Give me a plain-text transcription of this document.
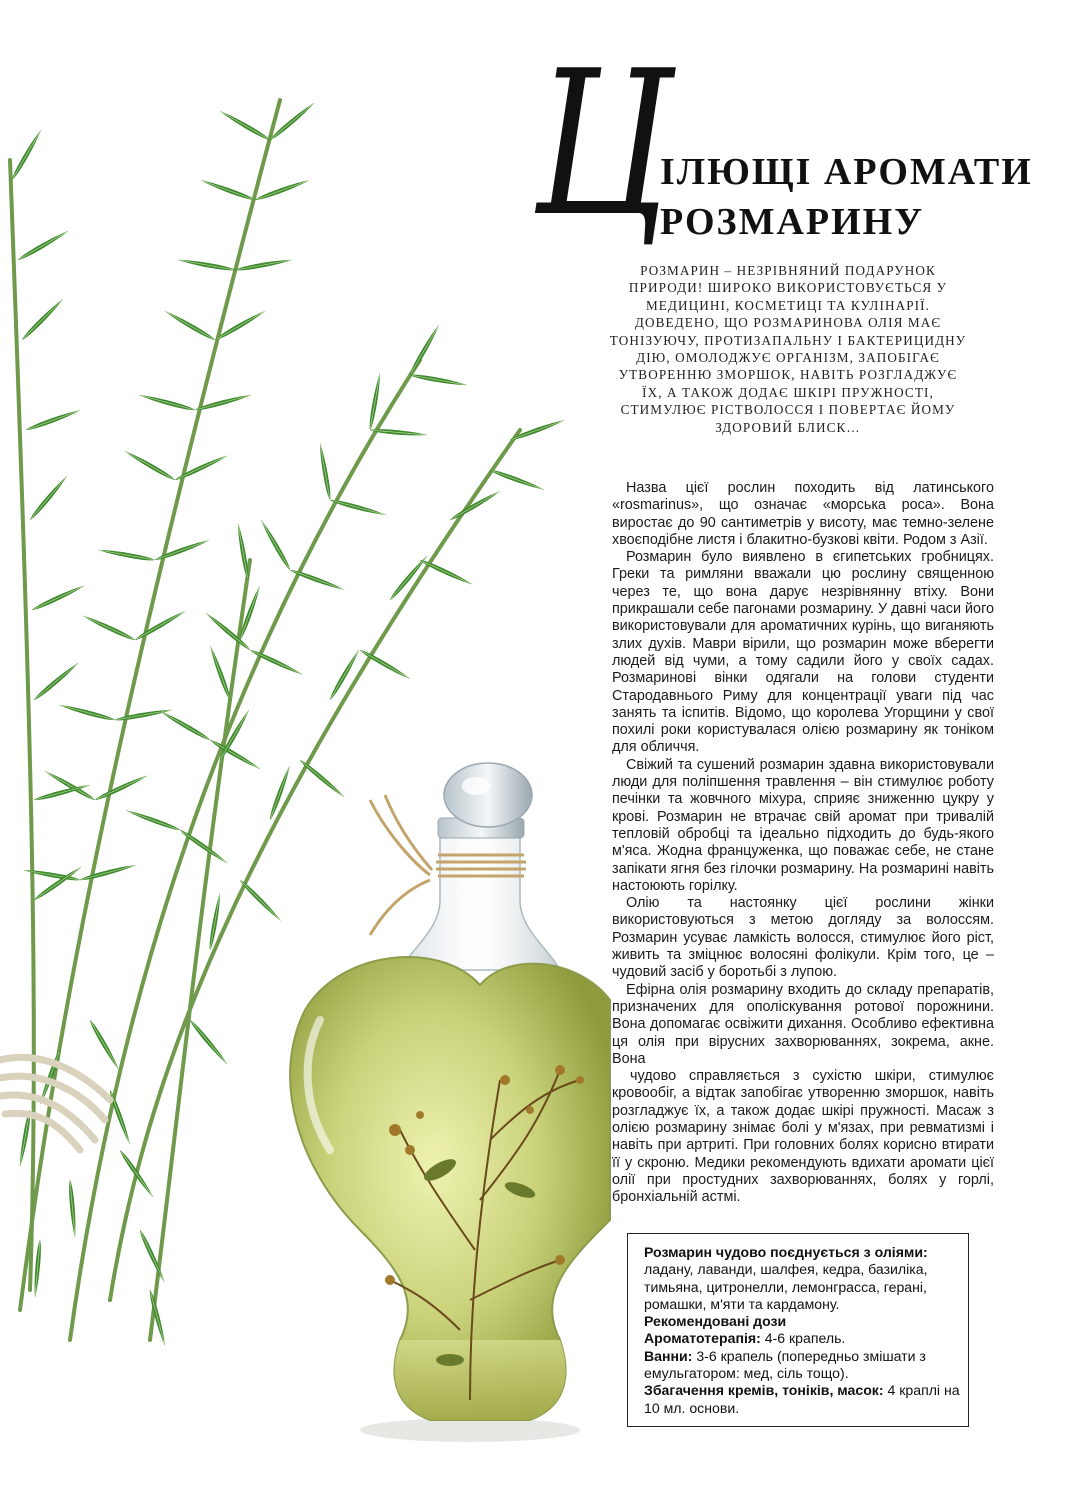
Ц
ІЛЮЩІ АРОМАТИ
РОЗМАРИНУ

РОЗМАРИН – НЕЗРІВНЯНИЙ ПОДАРУНОК ПРИРОДИ! ШИРОКО ВИКОРИСТОВУЄТЬСЯ У МЕДИЦИНІ, КОСМЕТИЦІ ТА КУЛІНАРІЇ. ДОВЕДЕНО, ЩО РОЗМАРИНОВА ОЛІЯ МАЄ ТОНІЗУЮЧУ, ПРОТИЗАПАЛЬНУ І БАКТЕРИЦИДНУ ДІЮ, ОМОЛОДЖУЄ ОРГАНІЗМ, ЗАПОБІГАЄ УТВОРЕННЮ ЗМОРШОК, НАВІТЬ РОЗГЛАДЖУЄ ЇХ, А ТАКОЖ ДОДАЄ ШКІРІ ПРУЖНОСТІ, СТИМУЛЮЄ РІСТВОЛОССЯ І ПОВЕРТАЄ ЙОМУ ЗДОРОВИЙ БЛИСК…

Назва цієї рослин походить від латинського «rosmarinus», що означає «морська роса». Вона виростає до 90 сантиметрів у висоту, має темно-зелене хвоєподібне листя і блакитно-бузкові квіти. Родом з Азії.

Розмарин було виявлено в єгипетських гробницях. Греки та римляни вважали цю рослину священною через те, що вона дарує незрівнянну втіху. Вони прикрашали себе пагонами розмарину. У давні часи його використовували для ароматичних курінь, що виганяють злих духів. Маври вірили, що розмарин може вберегти людей від чуми, а тому садили його у своїх садах. Розмаринові вінки одягали на голови студенти Стародавнього Риму для концентрації уваги під час занять та іспитів. Відомо, що королева Угорщини у свої похилі роки користувалася олією розмарину як тоніком для обличчя.

Свіжий та сушений розмарин здавна використовували люди для поліпшення травлення – він стимулює роботу печінки та жовчного міхура, сприяє зниженню цукру у крові. Розмарин не втрачає свій аромат при тривалій тепловій обробці та ідеально підходить до будь-якого м'яса. Жодна француженка, що поважає себе, не стане запікати ягня без гілочки розмарину. На розмарині навіть настоюють горілку.

Олію та настоянку цієї рослини жінки використовуються з метою догляду за волоссям. Розмарин усуває ламкість волосся, стимулює його ріст, живить та зміцнює волосяні фолікули. Крім того, це – чудовий засіб у боротьбі з лупою.

Ефірна олія розмарину входить до складу препаратів, призначених для ополіскування ротової порожнини. Вона допомагає освіжити дихання. Особливо ефективна ця олія при вірусних захворюваннях, зокрема, акне. Вона

чудово справляється з сухістю шкіри, стимулює кровообіг, а відтак запобігає утворенню зморшок, навіть розгладжує їх, а також додає шкірі пружності. Масаж з олією розмарину знімає болі у м'язах, при ревматизмі і навіть при артриті. При головних болях корисно втирати її у скроню. Медики рекомендують вдихати аромати цієї олії при простудних захворюваннях, болях у горлі, бронхіальній астмі.

Розмарин чудово поєднується з оліями:
ладану, лаванди, шалфея, кедра, базиліка, тимьяна, цитронелли, лемонграсса, герані, ромашки, м'яти та кардамону.

Рекомендовані дози

Ароматотерапія: 4-6 крапель.

Ванни: 3-6 крапель (попередньо змішати з емульгатором: мед, сіль тощо).

Збагачення кремів, тоніків, масок: 4 краплі на 10 мл. основи.
